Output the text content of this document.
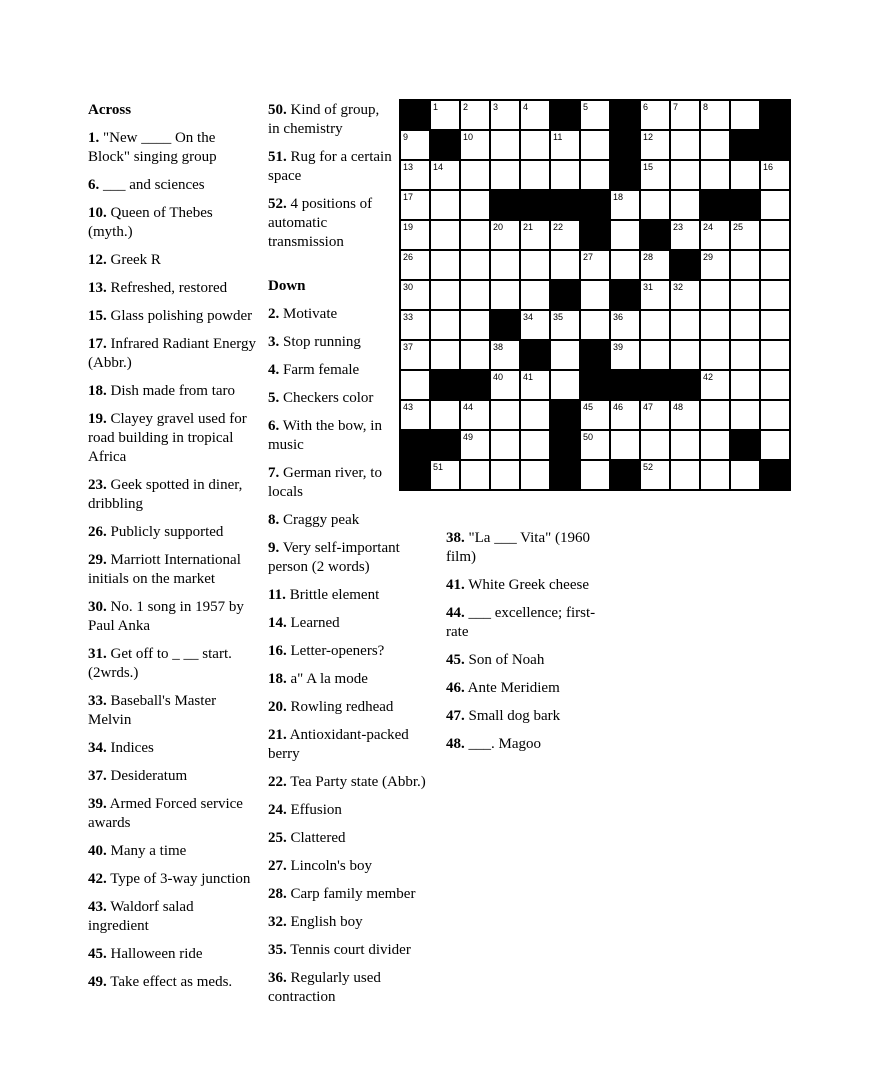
Across
1. "New ____ On the Block" singing group
6. ___ and sciences
10. Queen of Thebes (myth.)
12. Greek R
13. Refreshed, restored
15. Glass polishing powder
17. Infrared Radiant Energy (Abbr.)
18. Dish made from taro
19. Clayey gravel used for road building in tropical Africa
23. Geek spotted in diner, dribbling
26. Publicly supported
29. Marriott International initials on the market
30. No. 1 song in 1957 by Paul Anka
31. Get off to _ __ start. (2wrds.)
33. Baseball's Master Melvin
34. Indices
37. Desideratum
39. Armed Forced service awards
40. Many a time
42. Type of 3-way junction
43. Waldorf salad ingredient
45. Halloween ride
49. Take effect as meds.
50. Kind of group, in chemistry
51. Rug for a certain space
52. 4 positions of automatic transmission
Down
2. Motivate
3. Stop running
4. Farm female
5. Checkers color
6. With the bow, in music
7. German river, to locals
8. Craggy peak
9. Very self-important person (2 words)
11. Brittle element
14. Learned
16. Letter-openers?
18. a" A la mode
20. Rowling redhead
21. Antioxidant-packed berry
22. Tea Party state (Abbr.)
24. Effusion
25. Clattered
27. Lincoln's boy
28. Carp family member
32. English boy
35. Tennis court divider
36. Regularly used contraction
38. "La ___ Vita" (1960 film)
41. White Greek cheese
44. ___ excellence; first-rate
45. Son of Noah
46. Ante Meridiem
47. Small dog bark
48. ___. Magoo
1	2	3	4	5	6	7	8
9	10	11	12
13 14	15	16
17	18
19	20 21 22	23 24 25
26	27	28	29
30	31 32
33	34 35	36
37	38	39
40 41	42
43	44	45 46 47 48
49	50
51	52
